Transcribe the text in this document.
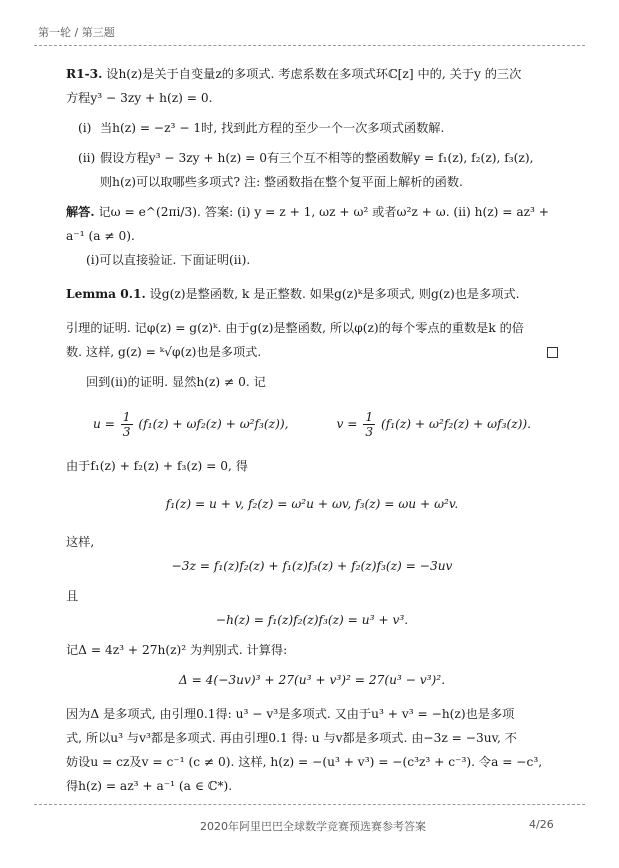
第一轮 / 第三题

R1-3. 设h(z)是关于自变量z的多项式. 考虑系数在多项式环ℂ[z] 中的, 关于y 的三次

方程y³ − 3zy + h(z) = 0.

(i) 当h(z) = −z³ − 1时, 找到此方程的至少一个一次多项式函数解.
(ii) 假设方程y³ − 3zy + h(z) = 0有三个互不相等的整函数解y = f₁(z), f₂(z), f₃(z),
则h(z)可以取哪些多项式? 注: 整函数指在整个复平面上解析的函数.

解答. 记ω = e^(2πi/3). 答案: (i) y = z + 1, ωz + ω² 或者ω²z + ω. (ii) h(z) = az³ + a⁻¹ (a ≠ 0).

(i)可以直接验证. 下面证明(ii).

Lemma 0.1. 设g(z)是整函数, k 是正整数. 如果g(z)ᵏ是多项式, 则g(z)也是多项式.

引理的证明. 记φ(z) = g(z)ᵏ. 由于g(z)是整函数, 所以φ(z)的每个零点的重数是k 的倍

数. 这样, g(z) = ᵏ√φ(z)也是多项式.

回到(ii)的证明. 显然h(z) ≠ 0. 记

$u = \frac{1}{3} (f_1(z) + \omega f_2(z) + \omega^2f_3(z))$,	$v = \frac{1}{3} (f_1(z) + \omega^2f_2(z) + \omega f_3(z))$.

由于f₁(z) + f₂(z) + f₃(z) = 0, 得

f₁(z) = u + v, f₂(z) = ω²u + ωv, f₃(z) = ωu + ω²v.

这样,

−3z = f₁(z)f₂(z) + f₁(z)f₃(z) + f₂(z)f₃(z) = −3uv

且

−h(z) = f₁(z)f₂(z)f₃(z) = u³ + v³.

记Δ = 4z³ + 27h(z)² 为判别式. 计算得:

Δ = 4(−3uv)³ + 27(u³ + v³)² = 27(u³ − v³)².

因为Δ 是多项式, 由引理0.1得: u³ − v³是多项式. 又由于u³ + v³ = −h(z)也是多项

式, 所以u³ 与v³都是多项式. 再由引理0.1 得: u 与v都是多项式. 由−3z = −3uv, 不

妨设u = cz及v = c⁻¹ (c ≠ 0). 这样, h(z) = −(u³ + v³) = −(c³z³ + c⁻³). 令a = −c³,

得h(z) = az³ + a⁻¹ (a ∈ ℂ*).

2020年阿里巴巴全球数学竞赛预选赛参考答案	4/26
